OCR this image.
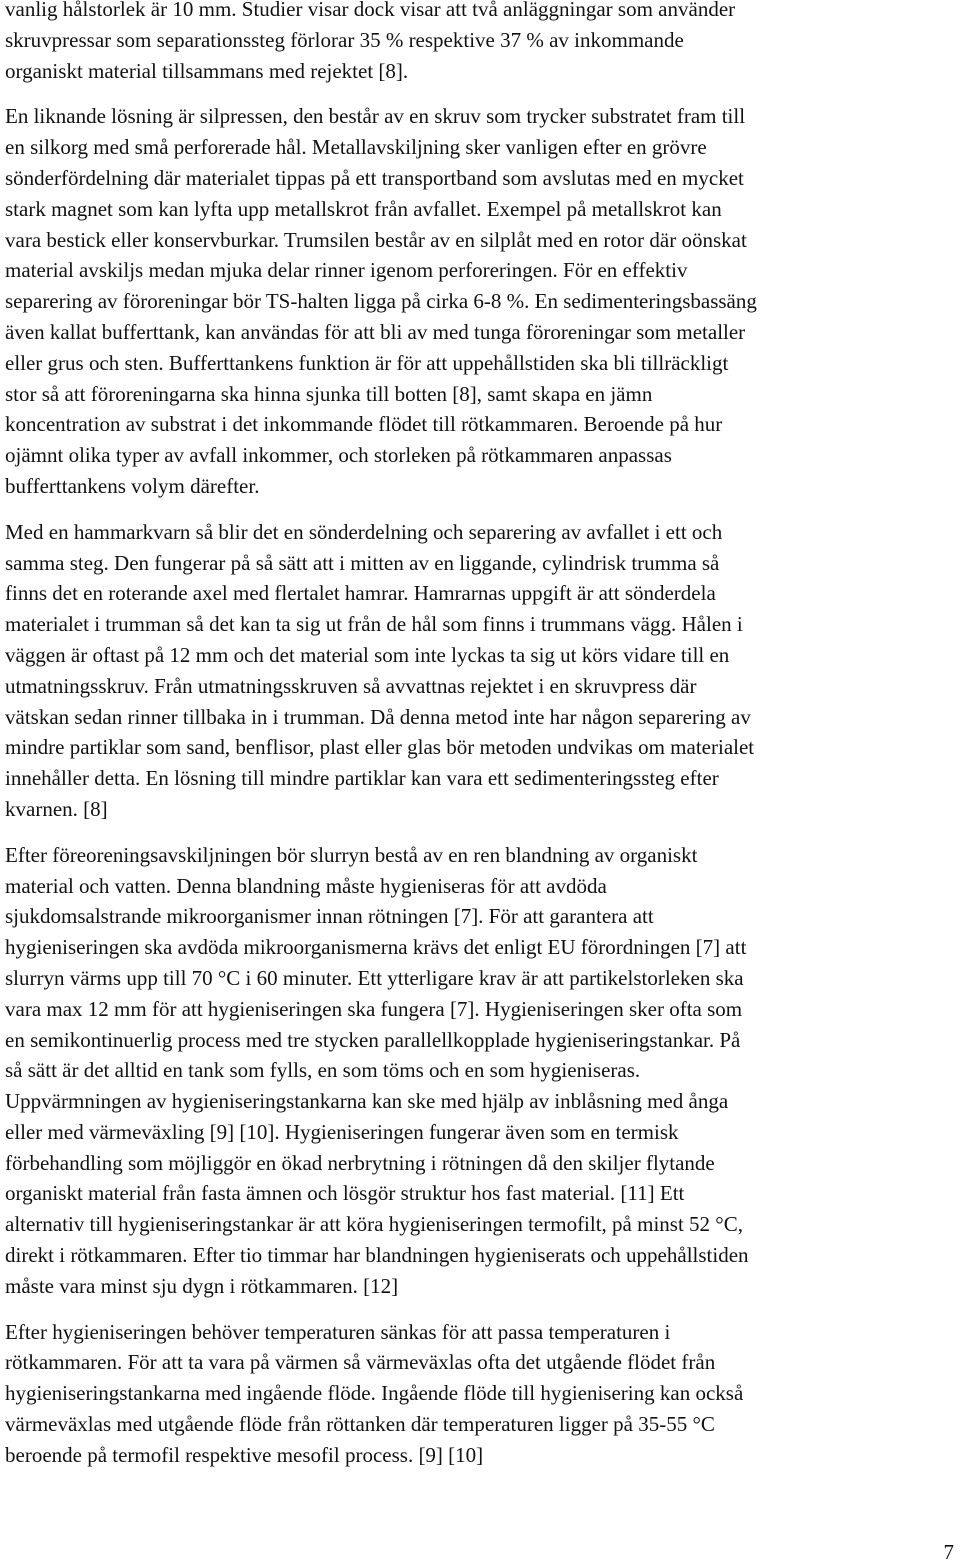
vanlig hålstorlek är 10 mm. Studier visar dock visar att två anläggningar som använder
skruvpressar som separationssteg förlorar 35 % respektive 37 % av inkommande
organiskt material tillsammans med rejektet [8].

En liknande lösning är silpressen, den består av en skruv som trycker substratet fram till
en silkorg med små perforerade hål. Metallavskiljning sker vanligen efter en grövre
sönderfördelning där materialet tippas på ett transportband som avslutas med en mycket
stark magnet som kan lyfta upp metallskrot från avfallet. Exempel på metallskrot kan
vara bestick eller konservburkar. Trumsilen består av en silplåt med en rotor där oönskat
material avskiljs medan mjuka delar rinner igenom perforeringen. För en effektiv
separering av föroreningar bör TS-halten ligga på cirka 6-8 %. En sedimenteringsbassäng
även kallat bufferttank, kan användas för att bli av med tunga föroreningar som metaller
eller grus och sten. Bufferttankens funktion är för att uppehållstiden ska bli tillräckligt
stor så att föroreningarna ska hinna sjunka till botten [8], samt skapa en jämn
koncentration av substrat i det inkommande flödet till rötkammaren. Beroende på hur
ojämnt olika typer av avfall inkommer, och storleken på rötkammaren anpassas
bufferttankens volym därefter.

Med en hammarkvarn så blir det en sönderdelning och separering av avfallet i ett och
samma steg. Den fungerar på så sätt att i mitten av en liggande, cylindrisk trumma så
finns det en roterande axel med flertalet hamrar. Hamrarnas uppgift är att sönderdela
materialet i trumman så det kan ta sig ut från de hål som finns i trummans vägg. Hålen i
väggen är oftast på 12 mm och det material som inte lyckas ta sig ut körs vidare till en
utmatningsskruv. Från utmatningsskruven så avvattnas rejektet i en skruvpress där
vätskan sedan rinner tillbaka in i trumman. Då denna metod inte har någon separering av
mindre partiklar som sand, benflisor, plast eller glas bör metoden undvikas om materialet
innehåller detta. En lösning till mindre partiklar kan vara ett sedimenteringssteg efter
kvarnen. [8]

Efter föreoreningsavskiljningen bör slurryn bestå av en ren blandning av organiskt
material och vatten. Denna blandning måste hygieniseras för att avdöda
sjukdomsalstrande mikroorganismer innan rötningen [7]. För att garantera att
hygieniseringen ska avdöda mikroorganismerna krävs det enligt EU förordningen [7] att
slurryn värms upp till 70 °C i 60 minuter. Ett ytterligare krav är att partikelstorleken ska
vara max 12 mm för att hygieniseringen ska fungera [7]. Hygieniseringen sker ofta som
en semikontinuerlig process med tre stycken parallellkopplade hygieniseringstankar. På
så sätt är det alltid en tank som fylls, en som töms och en som hygieniseras.
Uppvärmningen av hygieniseringstankarna kan ske med hjälp av inblåsning med ånga
eller med värmeväxling [9] [10]. Hygieniseringen fungerar även som en termisk
förbehandling som möjliggör en ökad nerbrytning i rötningen då den skiljer flytande
organiskt material från fasta ämnen och lösgör struktur hos fast material. [11] Ett
alternativ till hygieniseringstankar är att köra hygieniseringen termofilt, på minst 52 °C,
direkt i rötkammaren. Efter tio timmar har blandningen hygieniserats och uppehållstiden
måste vara minst sju dygn i rötkammaren. [12]

Efter hygieniseringen behöver temperaturen sänkas för att passa temperaturen i
rötkammaren. För att ta vara på värmen så värmeväxlas ofta det utgående flödet från
hygieniseringstankarna med ingående flöde. Ingående flöde till hygienisering kan också
värmeväxlas med utgående flöde från röttanken där temperaturen ligger på 35-55 °C
beroende på termofil respektive mesofil process. [9] [10]

7
